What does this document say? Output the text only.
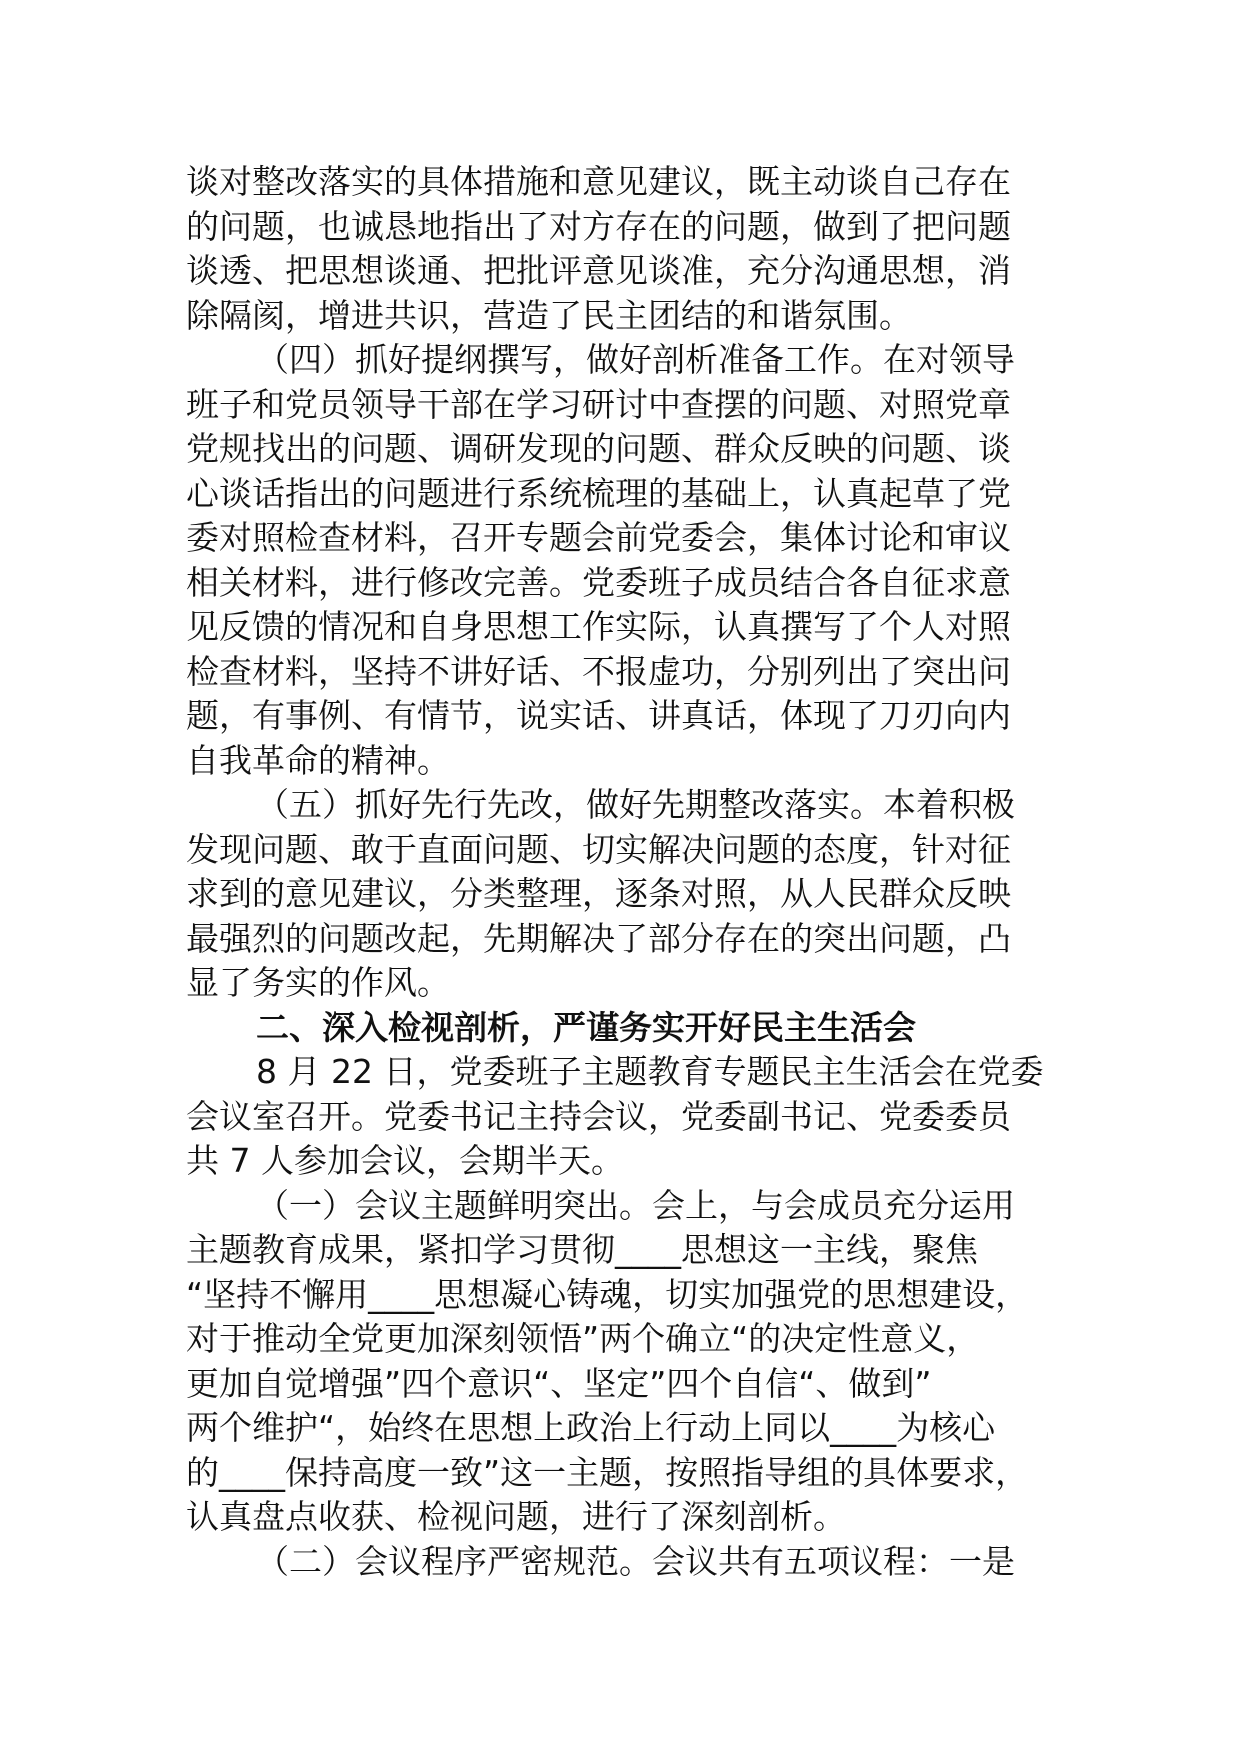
谈对整改落实的具体措施和意见建议，既主动谈自己存在
的问题，也诚恳地指出了对方存在的问题，做到了把问题
谈透、把思想谈通、把批评意见谈准，充分沟通思想，消
除隔阂，增进共识，营造了民主团结的和谐氛围。
（四）抓好提纲撰写，做好剖析准备工作。在对领导
班子和党员领导干部在学习研讨中查摆的问题、对照党章
党规找出的问题、调研发现的问题、群众反映的问题、谈
心谈话指出的问题进行系统梳理的基础上，认真起草了党
委对照检查材料，召开专题会前党委会，集体讨论和审议
相关材料，进行修改完善。党委班子成员结合各自征求意
见反馈的情况和自身思想工作实际，认真撰写了个人对照
检查材料，坚持不讲好话、不报虚功，分别列出了突出问
题，有事例、有情节，说实话、讲真话，体现了刀刃向内
自我革命的精神。
（五）抓好先行先改，做好先期整改落实。本着积极
发现问题、敢于直面问题、切实解决问题的态度，针对征
求到的意见建议，分类整理，逐条对照，从人民群众反映
最强烈的问题改起，先期解决了部分存在的突出问题，凸
显了务实的作风。
二、深入检视剖析，严谨务实开好民主生活会
8 月 22 日，党委班子主题教育专题民主生活会在党委
会议室召开。党委书记主持会议，党委副书记、党委委员
共 7 人参加会议，会期半天。
（一）会议主题鲜明突出。会上，与会成员充分运用
主题教育成果，紧扣学习贯彻____思想这一主线，聚焦
“坚持不懈用____思想凝心铸魂，切实加强党的思想建设，
对于推动全党更加深刻领悟”两个确立“的决定性意义，
更加自觉增强”四个意识“、坚定”四个自信“、做到”
两个维护“，始终在思想上政治上行动上同以____为核心
的____保持高度一致”这一主题，按照指导组的具体要求，
认真盘点收获、检视问题，进行了深刻剖析。
（二）会议程序严密规范。会议共有五项议程：一是
